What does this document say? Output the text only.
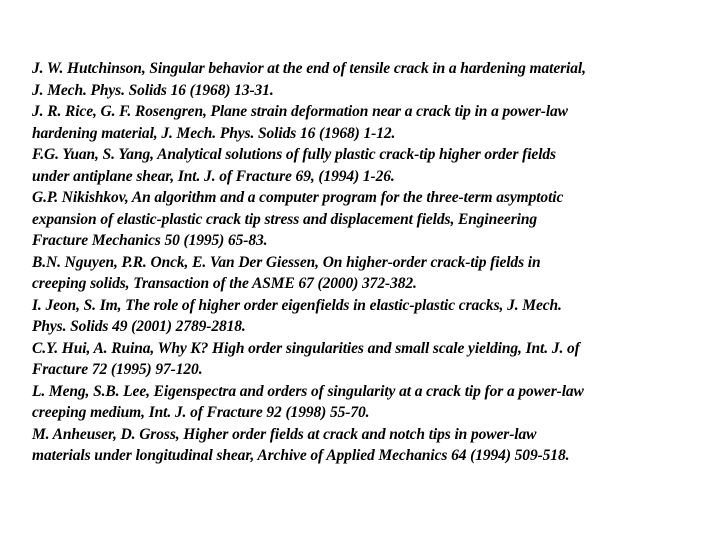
J. W. Hutchinson, Singular behavior at the end of tensile crack in a hardening material,
J. Mech. Phys. Solids 16 (1968) 13-31.
J. R. Rice, G. F. Rosengren, Plane strain deformation near a crack tip in a power-law
hardening material, J. Mech. Phys. Solids 16 (1968) 1-12.
F.G. Yuan, S. Yang, Analytical solutions of fully plastic crack-tip higher order fields
under antiplane shear, Int. J. of Fracture 69, (1994) 1-26.
G.P. Nikishkov, An algorithm and a computer program for the three-term asymptotic
expansion of elastic-plastic crack tip stress and displacement fields, Engineering
Fracture Mechanics 50 (1995) 65-83.
B.N. Nguyen, P.R. Onck, E. Van Der Giessen, On higher-order crack-tip fields in
creeping solids, Transaction of the ASME 67 (2000) 372-382.
I. Jeon, S. Im, The role of higher order eigenfields in elastic-plastic cracks, J. Mech.
Phys. Solids 49 (2001) 2789-2818.
C.Y. Hui, A. Ruina, Why K? High order singularities and small scale yielding, Int. J. of
Fracture 72 (1995) 97-120.
L. Meng, S.B. Lee, Eigenspectra and orders of singularity at a crack tip for a power-law
creeping medium, Int. J. of Fracture 92 (1998) 55-70.
M. Anheuser, D. Gross, Higher order fields at crack and notch tips in power-law
materials under longitudinal shear, Archive of Applied Mechanics 64 (1994) 509-518.
